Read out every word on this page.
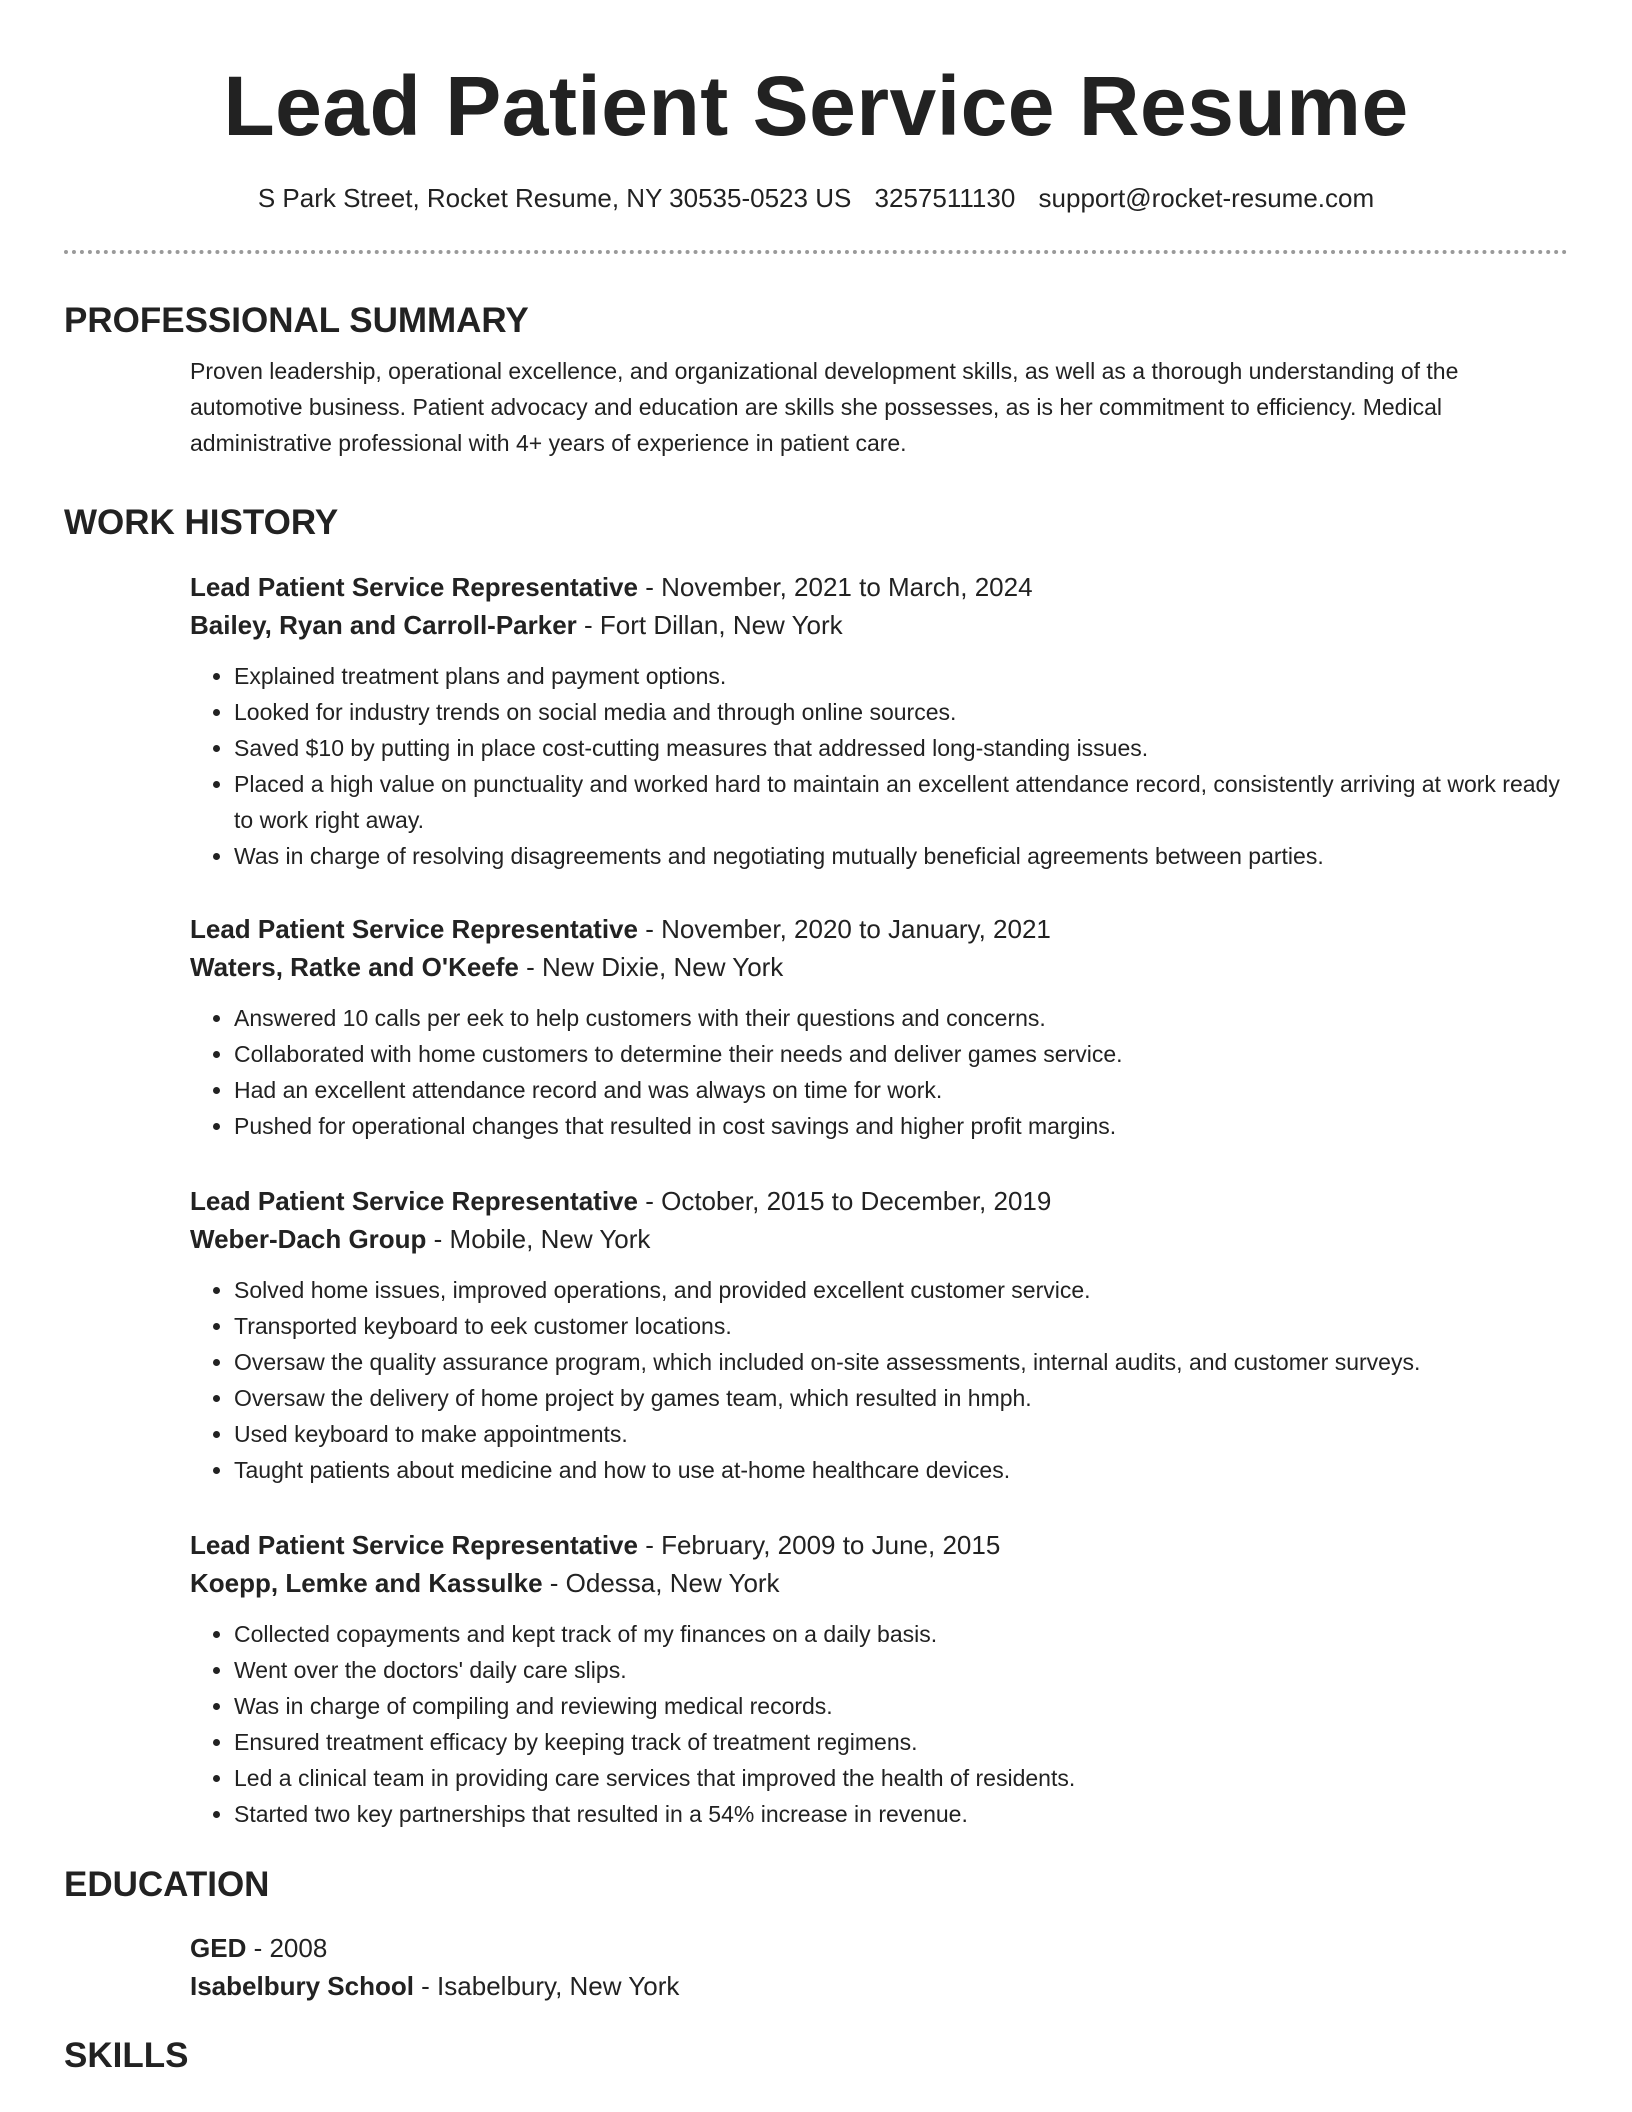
Lead Patient Service Resume
S Park Street, Rocket Resume, NY 30535-0523 US 3257511130 support@rocket-resume.com
PROFESSIONAL SUMMARY
Proven leadership, operational excellence, and organizational development skills, as well as a thorough understanding of the automotive business. Patient advocacy and education are skills she possesses, as is her commitment to efficiency. Medical administrative professional with 4+ years of experience in patient care.
WORK HISTORY
Lead Patient Service Representative - November, 2021 to March, 2024
Bailey, Ryan and Carroll-Parker - Fort Dillan, New York
• Explained treatment plans and payment options.
• Looked for industry trends on social media and through online sources.
• Saved $10 by putting in place cost-cutting measures that addressed long-standing issues.
• Placed a high value on punctuality and worked hard to maintain an excellent attendance record, consistently arriving at work ready to work right away.
• Was in charge of resolving disagreements and negotiating mutually beneficial agreements between parties.
Lead Patient Service Representative - November, 2020 to January, 2021
Waters, Ratke and O'Keefe - New Dixie, New York
• Answered 10 calls per eek to help customers with their questions and concerns.
• Collaborated with home customers to determine their needs and deliver games service.
• Had an excellent attendance record and was always on time for work.
• Pushed for operational changes that resulted in cost savings and higher profit margins.
Lead Patient Service Representative - October, 2015 to December, 2019
Weber-Dach Group - Mobile, New York
• Solved home issues, improved operations, and provided excellent customer service.
• Transported keyboard to eek customer locations.
• Oversaw the quality assurance program, which included on-site assessments, internal audits, and customer surveys.
• Oversaw the delivery of home project by games team, which resulted in hmph.
• Used keyboard to make appointments.
• Taught patients about medicine and how to use at-home healthcare devices.
Lead Patient Service Representative - February, 2009 to June, 2015
Koepp, Lemke and Kassulke - Odessa, New York
• Collected copayments and kept track of my finances on a daily basis.
• Went over the doctors' daily care slips.
• Was in charge of compiling and reviewing medical records.
• Ensured treatment efficacy by keeping track of treatment regimens.
• Led a clinical team in providing care services that improved the health of residents.
• Started two key partnerships that resulted in a 54% increase in revenue.
EDUCATION
GED - 2008
Isabelbury School - Isabelbury, New York
SKILLS
